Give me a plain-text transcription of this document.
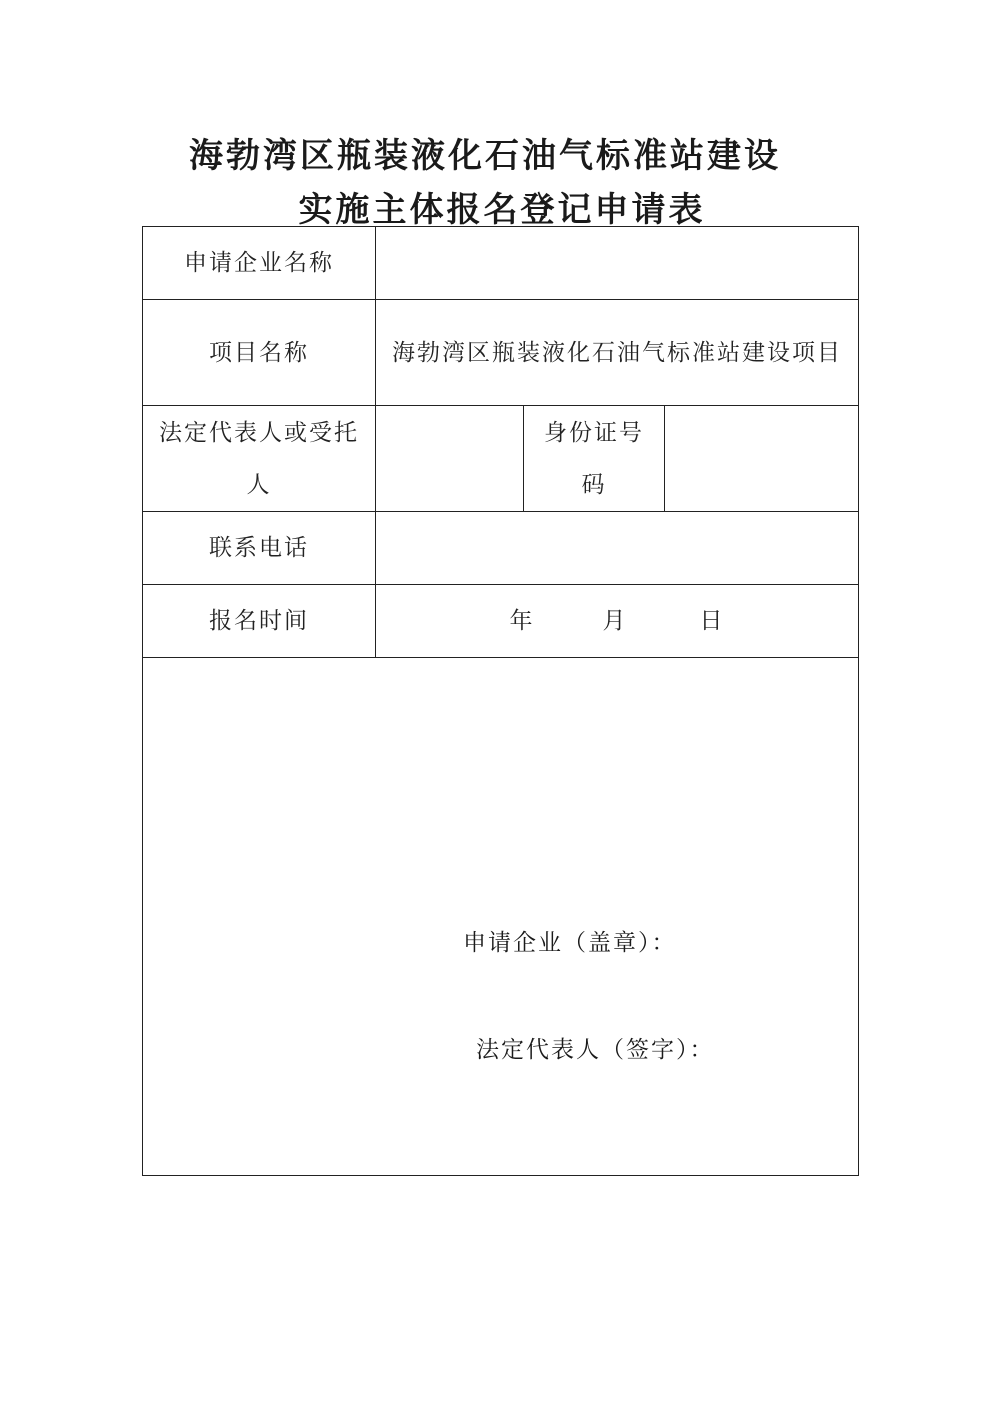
海勃湾区瓶装液化石油气标准站建设
实施主体报名登记申请表
申请企业名称			
项目名称	海勃湾区瓶装液化石油气标准站建设项目		
法定代表人或受托人		身份证号码	
联系电话			
报名时间	年 月 日		

申请企业（盖章）：
法定代表人（签字）：			
